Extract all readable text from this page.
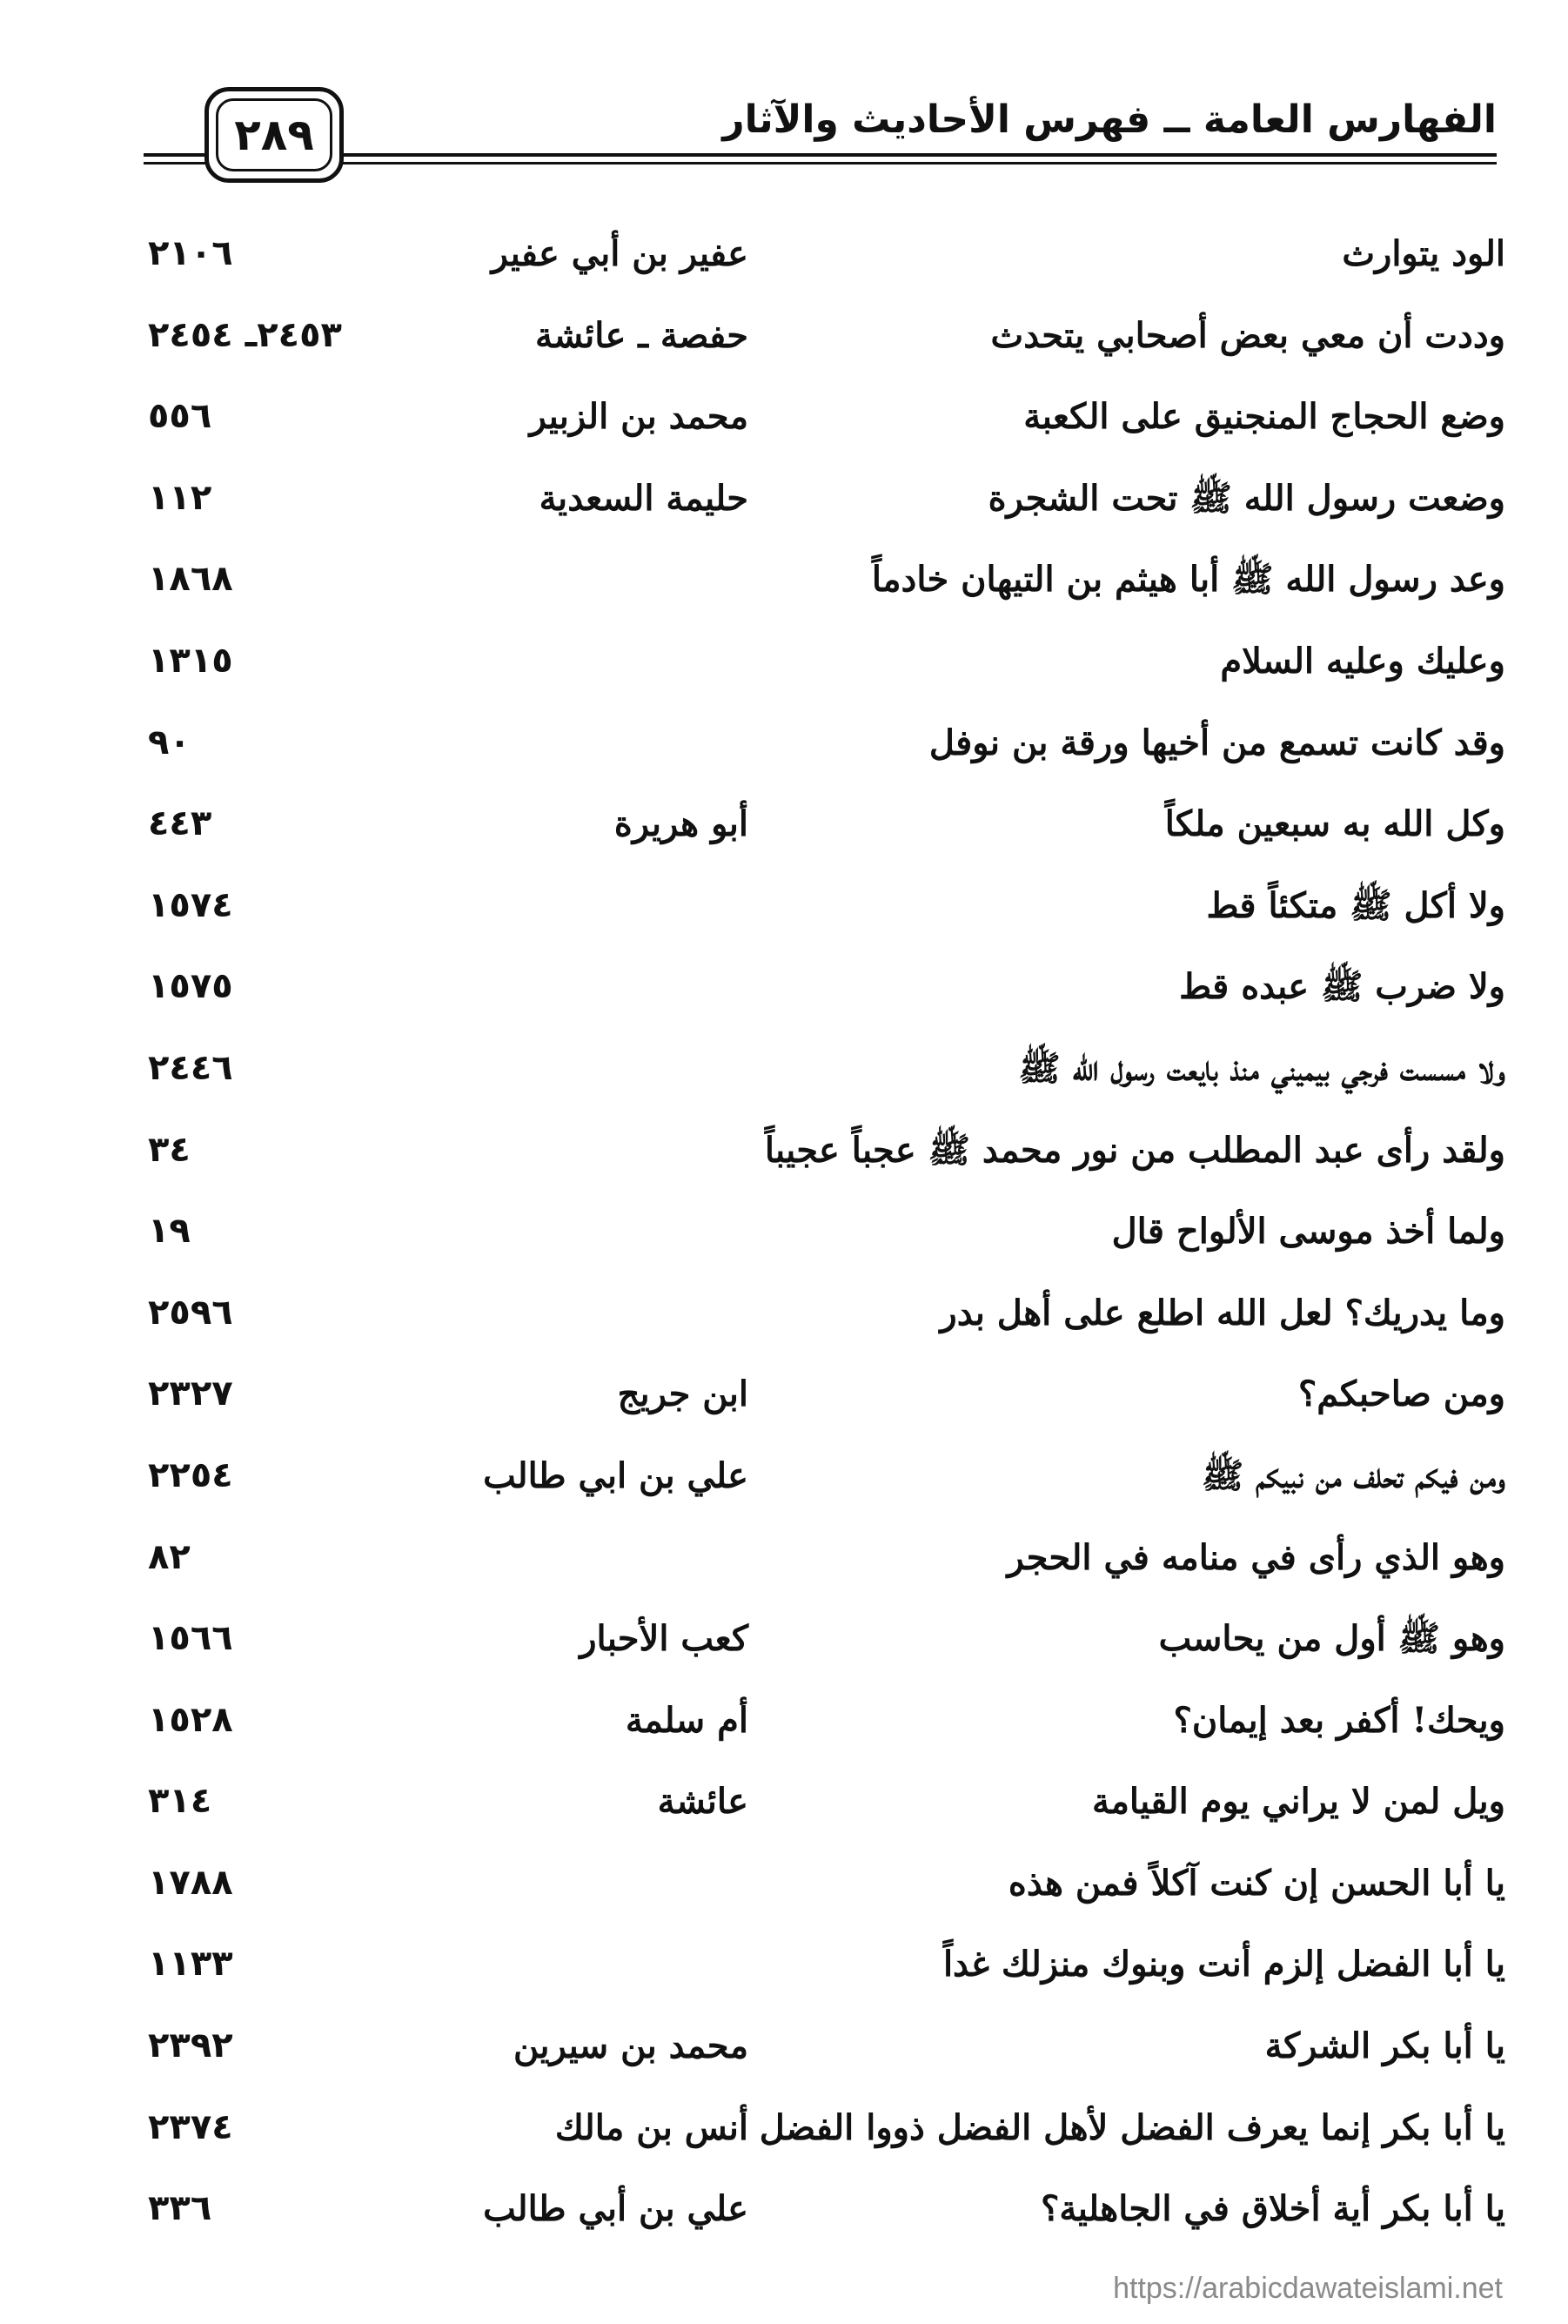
الفهارس العامة ــ فهرس الأحاديث والآثار
٢٨٩
الود يتوارث
عفير بن أبي عفير
٢١٠٦
وددت أن معي بعض أصحابي يتحدث
حفصة ـ عائشة
٢٤٥٣ـ ٢٤٥٤
وضع الحجاج المنجنيق على الكعبة
محمد بن الزبير
٥٥٦
وضعت رسول الله ﷺ تحت الشجرة
حليمة السعدية
١١٢
وعد رسول الله ﷺ أبا هيثم بن التيهان خادماً
١٨٦٨
وعليك وعليه السلام
١٣١٥
وقد كانت تسمع من أخيها ورقة بن نوفل
٩٠
وكل الله به سبعين ملكاً
أبو هريرة
٤٤٣
ولا أكل ﷺ متكئاً قط
١٥٧٤
ولا ضرب ﷺ عبده قط
١٥٧٥
ولا مسست فرجي بيميني منذ بايعت رسول الله ﷺ
٢٤٤٦
ولقد رأى عبد المطلب من نور محمد ﷺ عجباً عجيباً
٣٤
ولما أخذ موسى الألواح قال
١٩
وما يدريك؟ لعل الله اطلع على أهل بدر
٢٥٩٦
ومن صاحبكم؟
ابن جريج
٢٣٢٧
ومن فيكم تحلف من نبيكم ﷺ
علي بن ابي طالب
٢٢٥٤
وهو الذي رأى في منامه في الحجر
٨٢
وهو ﷺ أول من يحاسب
كعب الأحبار
١٥٦٦
ويحك! أكفر بعد إيمان؟
أم سلمة
١٥٢٨
ويل لمن لا يراني يوم القيامة
عائشة
٣١٤
يا أبا الحسن إن كنت آكلاً فمن هذه
١٧٨٨
يا أبا الفضل إلزم أنت وبنوك منزلك غداً
١١٣٣
يا أبا بكر الشركة
محمد بن سيرين
٢٣٩٢
يا أبا بكر إنما يعرف الفضل لأهل الفضل ذووا الفضل
أنس بن مالك
٢٣٧٤
يا أبا بكر أية أخلاق في الجاهلية؟
علي بن أبي طالب
٣٣٦
https://arabicdawateislami.net
